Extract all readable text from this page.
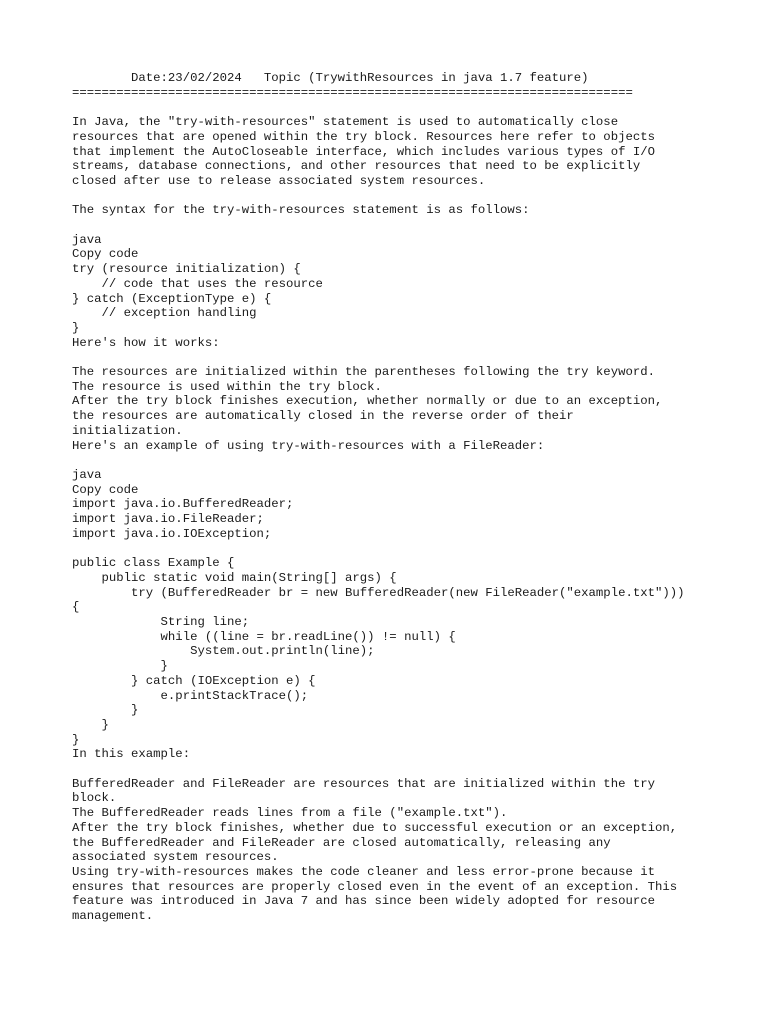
Date:23/02/2024   Topic (TrywithResources in java 1.7 feature)
============================================================================

In Java, the "try-with-resources" statement is used to automatically close
resources that are opened within the try block. Resources here refer to objects
that implement the AutoCloseable interface, which includes various types of I/O
streams, database connections, and other resources that need to be explicitly
closed after use to release associated system resources.

The syntax for the try-with-resources statement is as follows:

java
Copy code
try (resource initialization) {
// code that uses the resource
} catch (ExceptionType e) {
// exception handling
}
Here's how it works:

The resources are initialized within the parentheses following the try keyword.
The resource is used within the try block.
After the try block finishes execution, whether normally or due to an exception,
the resources are automatically closed in the reverse order of their
initialization.
Here's an example of using try-with-resources with a FileReader:

java
Copy code
import java.io.BufferedReader;
import java.io.FileReader;
import java.io.IOException;

public class Example {
public static void main(String[] args) {
try (BufferedReader br = new BufferedReader(new FileReader("example.txt")))
{
String line;
while ((line = br.readLine()) != null) {
System.out.println(line);
}
} catch (IOException e) {
e.printStackTrace();
}
}
}
In this example:

BufferedReader and FileReader are resources that are initialized within the try
block.
The BufferedReader reads lines from a file ("example.txt").
After the try block finishes, whether due to successful execution or an exception,
the BufferedReader and FileReader are closed automatically, releasing any
associated system resources.
Using try-with-resources makes the code cleaner and less error-prone because it
ensures that resources are properly closed even in the event of an exception. This
feature was introduced in Java 7 and has since been widely adopted for resource
management.
